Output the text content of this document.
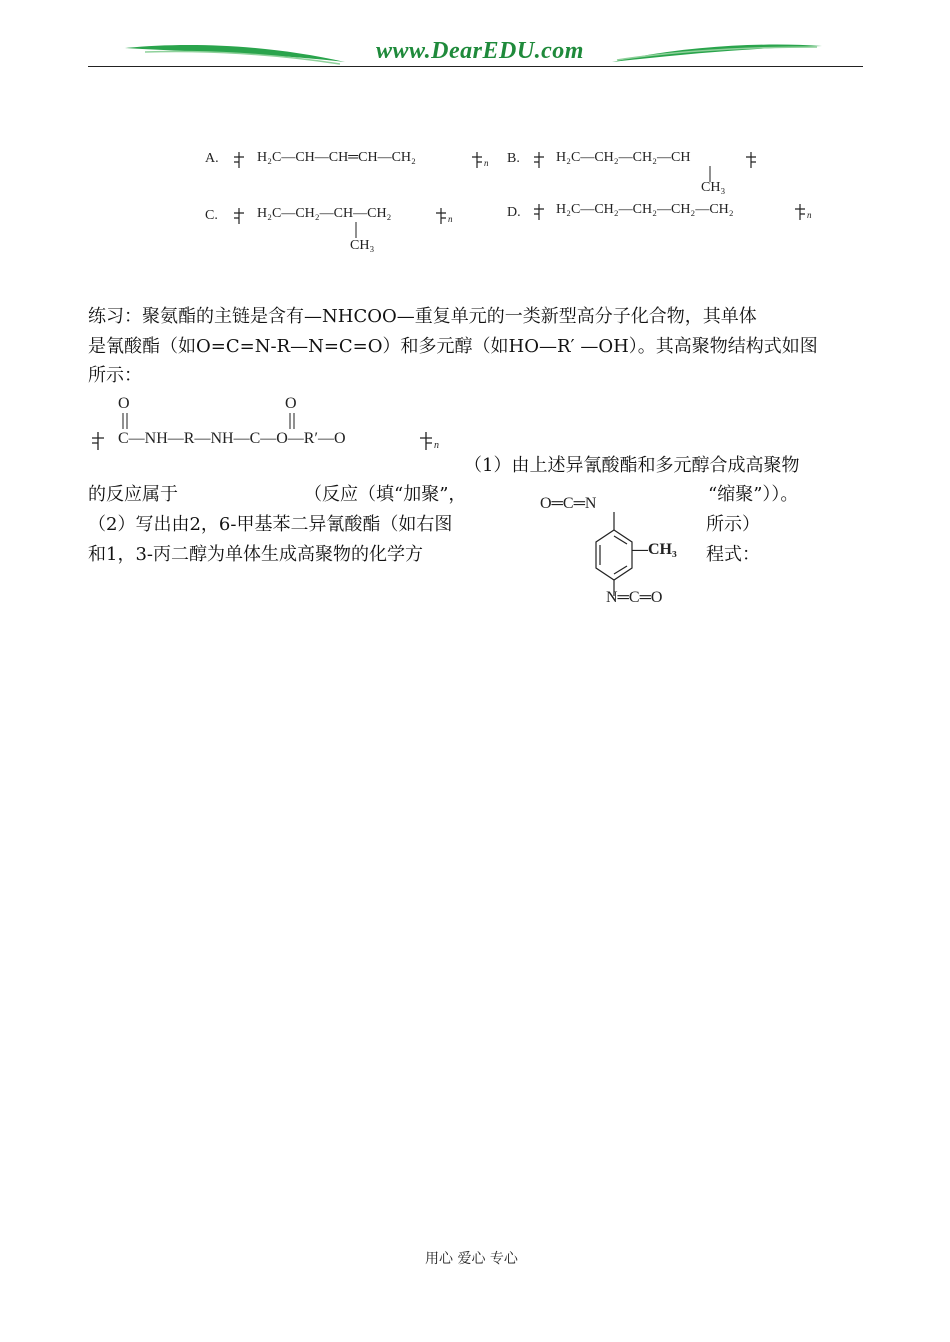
www.DearEDU.com
A.	H₂C—CH—CH═CH—CH₂	n B.	H₂C—CH₂—CH₂—CH
CH₃
C.	H₂C—CH₂—CH—CH₂
CH₃
n	D.	H₂C—CH₂—CH₂—CH₂—CH₂	n
练习：聚氨酯的主链是含有—NHCOO—重复单元的一类新型高分子化合物，其单体
是氰酸酯（如O=C=N-R—N=C=O）和多元醇（如HO—R′ —OH）。其高聚物结构式如图
所示：
O	O
C—NH—R—NH—C—O—R′—O	n
（1）由上述异氰酸酯和多元醇合成高聚物
的反应属于	（反应（填“加聚”，	“缩聚”））。
（2）写出由2，6-甲基苯二异氰酸酯（如右图	所示）
和1，3-丙二醇为单体生成高聚物的化学方	程式：
O═C═N
—CH₃
N═C═O
用心 爱心 专心
